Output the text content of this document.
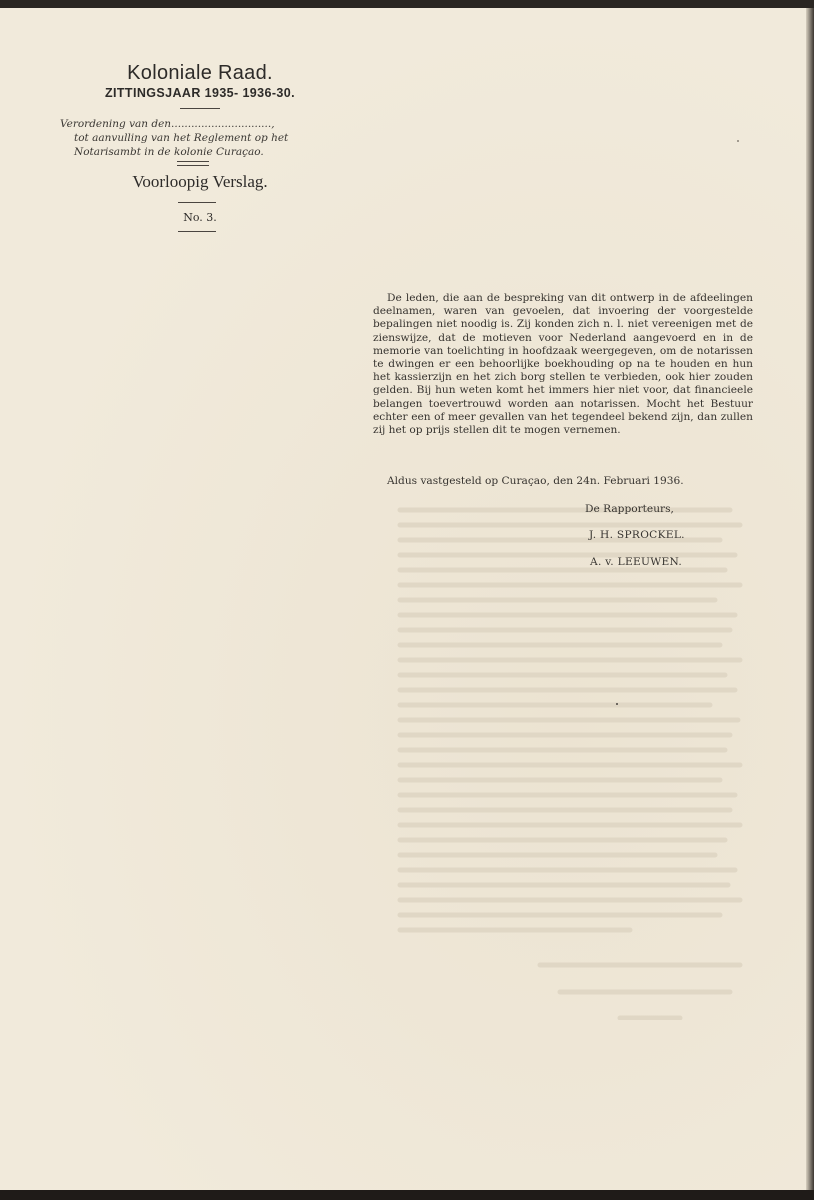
Koloniale Raad.
ZITTINGSJAAR 1935- 1936-30.
Verordening van den..............................,
tot aanvulling van het Reglement op het
Notarisambt in de kolonie Curaçao.
Voorloopig Verslag.
No. 3.

De leden, die aan de bespreking van dit ontwerp in de afdeelingen deelnamen, waren van gevoelen, dat invoering der voorgestelde bepalingen niet noodig is. Zij konden zich n. l. niet vereenigen met de zienswijze, dat de motieven voor Nederland aangevoerd en in de memorie van toelichting in hoofdzaak weergegeven, om de notarissen te dwingen er een behoorlijke boekhouding op na te houden en hun het kassierzijn en het zich borg stellen te verbieden, ook hier zouden gelden. Bij hun weten komt het immers hier niet voor, dat financieele belangen toevertrouwd worden aan notarissen. Mocht het Bestuur echter een of meer gevallen van het tegendeel bekend zijn, dan zullen zij het op prijs stellen dit te mogen vernemen.

Aldus vastgesteld op Curaçao, den 24n. Februari 1936.
De Rapporteurs,
J. H. SPROCKEL.
A. v. LEEUWEN.
